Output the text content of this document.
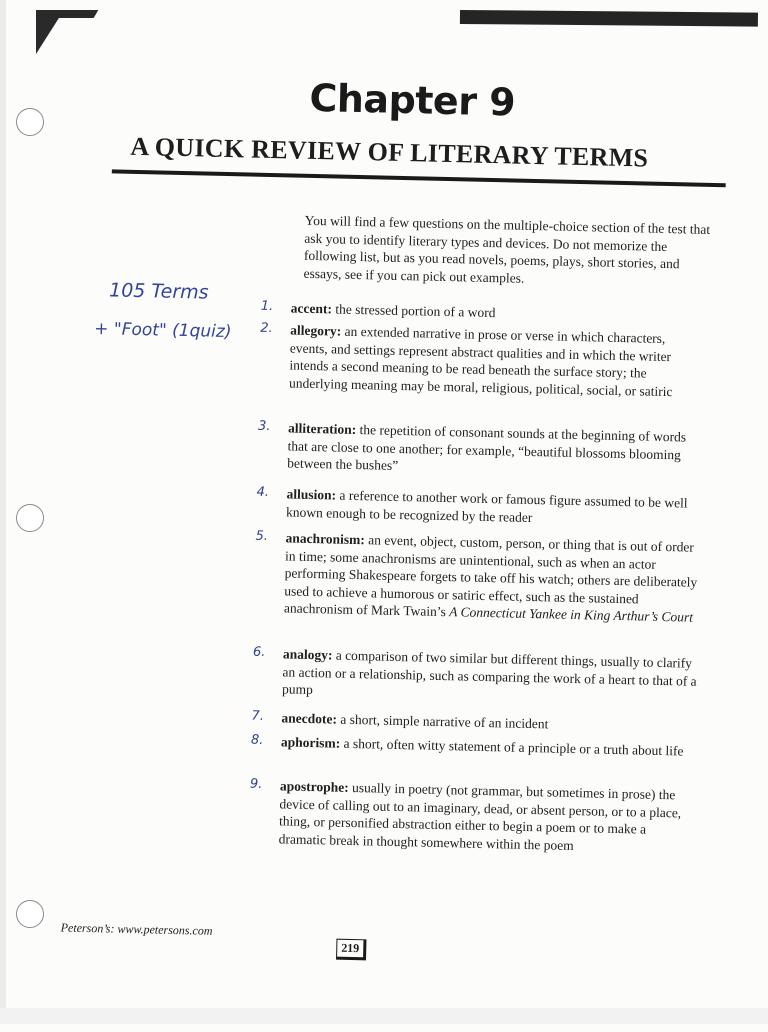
Chapter 9
A QUICK REVIEW OF LITERARY TERMS
105 Terms
+ "Foot" (1quiz)
You will find a few questions on the multiple-choice section of the test that ask you to identify literary types and devices. Do not memorize the following list, but as you read novels, poems, plays, short stories, and essays, see if you can pick out examples.
1. accent: the stressed portion of a word
2. allegory: an extended narrative in prose or verse in which characters, events, and settings represent abstract qualities and in which the writer intends a second meaning to be read beneath the surface story; the underlying meaning may be moral, religious, political, social, or satiric
3. alliteration: the repetition of consonant sounds at the beginning of words that are close to one another; for example, “beautiful blossoms blooming between the bushes”
4. allusion: a reference to another work or famous figure assumed to be well known enough to be recognized by the reader
5. anachronism: an event, object, custom, person, or thing that is out of order in time; some anachronisms are unintentional, such as when an actor performing Shakespeare forgets to take off his watch; others are deliberately used to achieve a humorous or satiric effect, such as the sustained anachronism of Mark Twain’s A Connecticut Yankee in King Arthur’s Court
6. analogy: a comparison of two similar but different things, usually to clarify an action or a relationship, such as comparing the work of a heart to that of a pump
7. anecdote: a short, simple narrative of an incident
8. aphorism: a short, often witty statement of a principle or a truth about life
9. apostrophe: usually in poetry (not grammar, but sometimes in prose) the device of calling out to an imaginary, dead, or absent person, or to a place, thing, or personified abstraction either to begin a poem or to make a dramatic break in thought somewhere within the poem
Peterson’s: www.petersons.com
219
